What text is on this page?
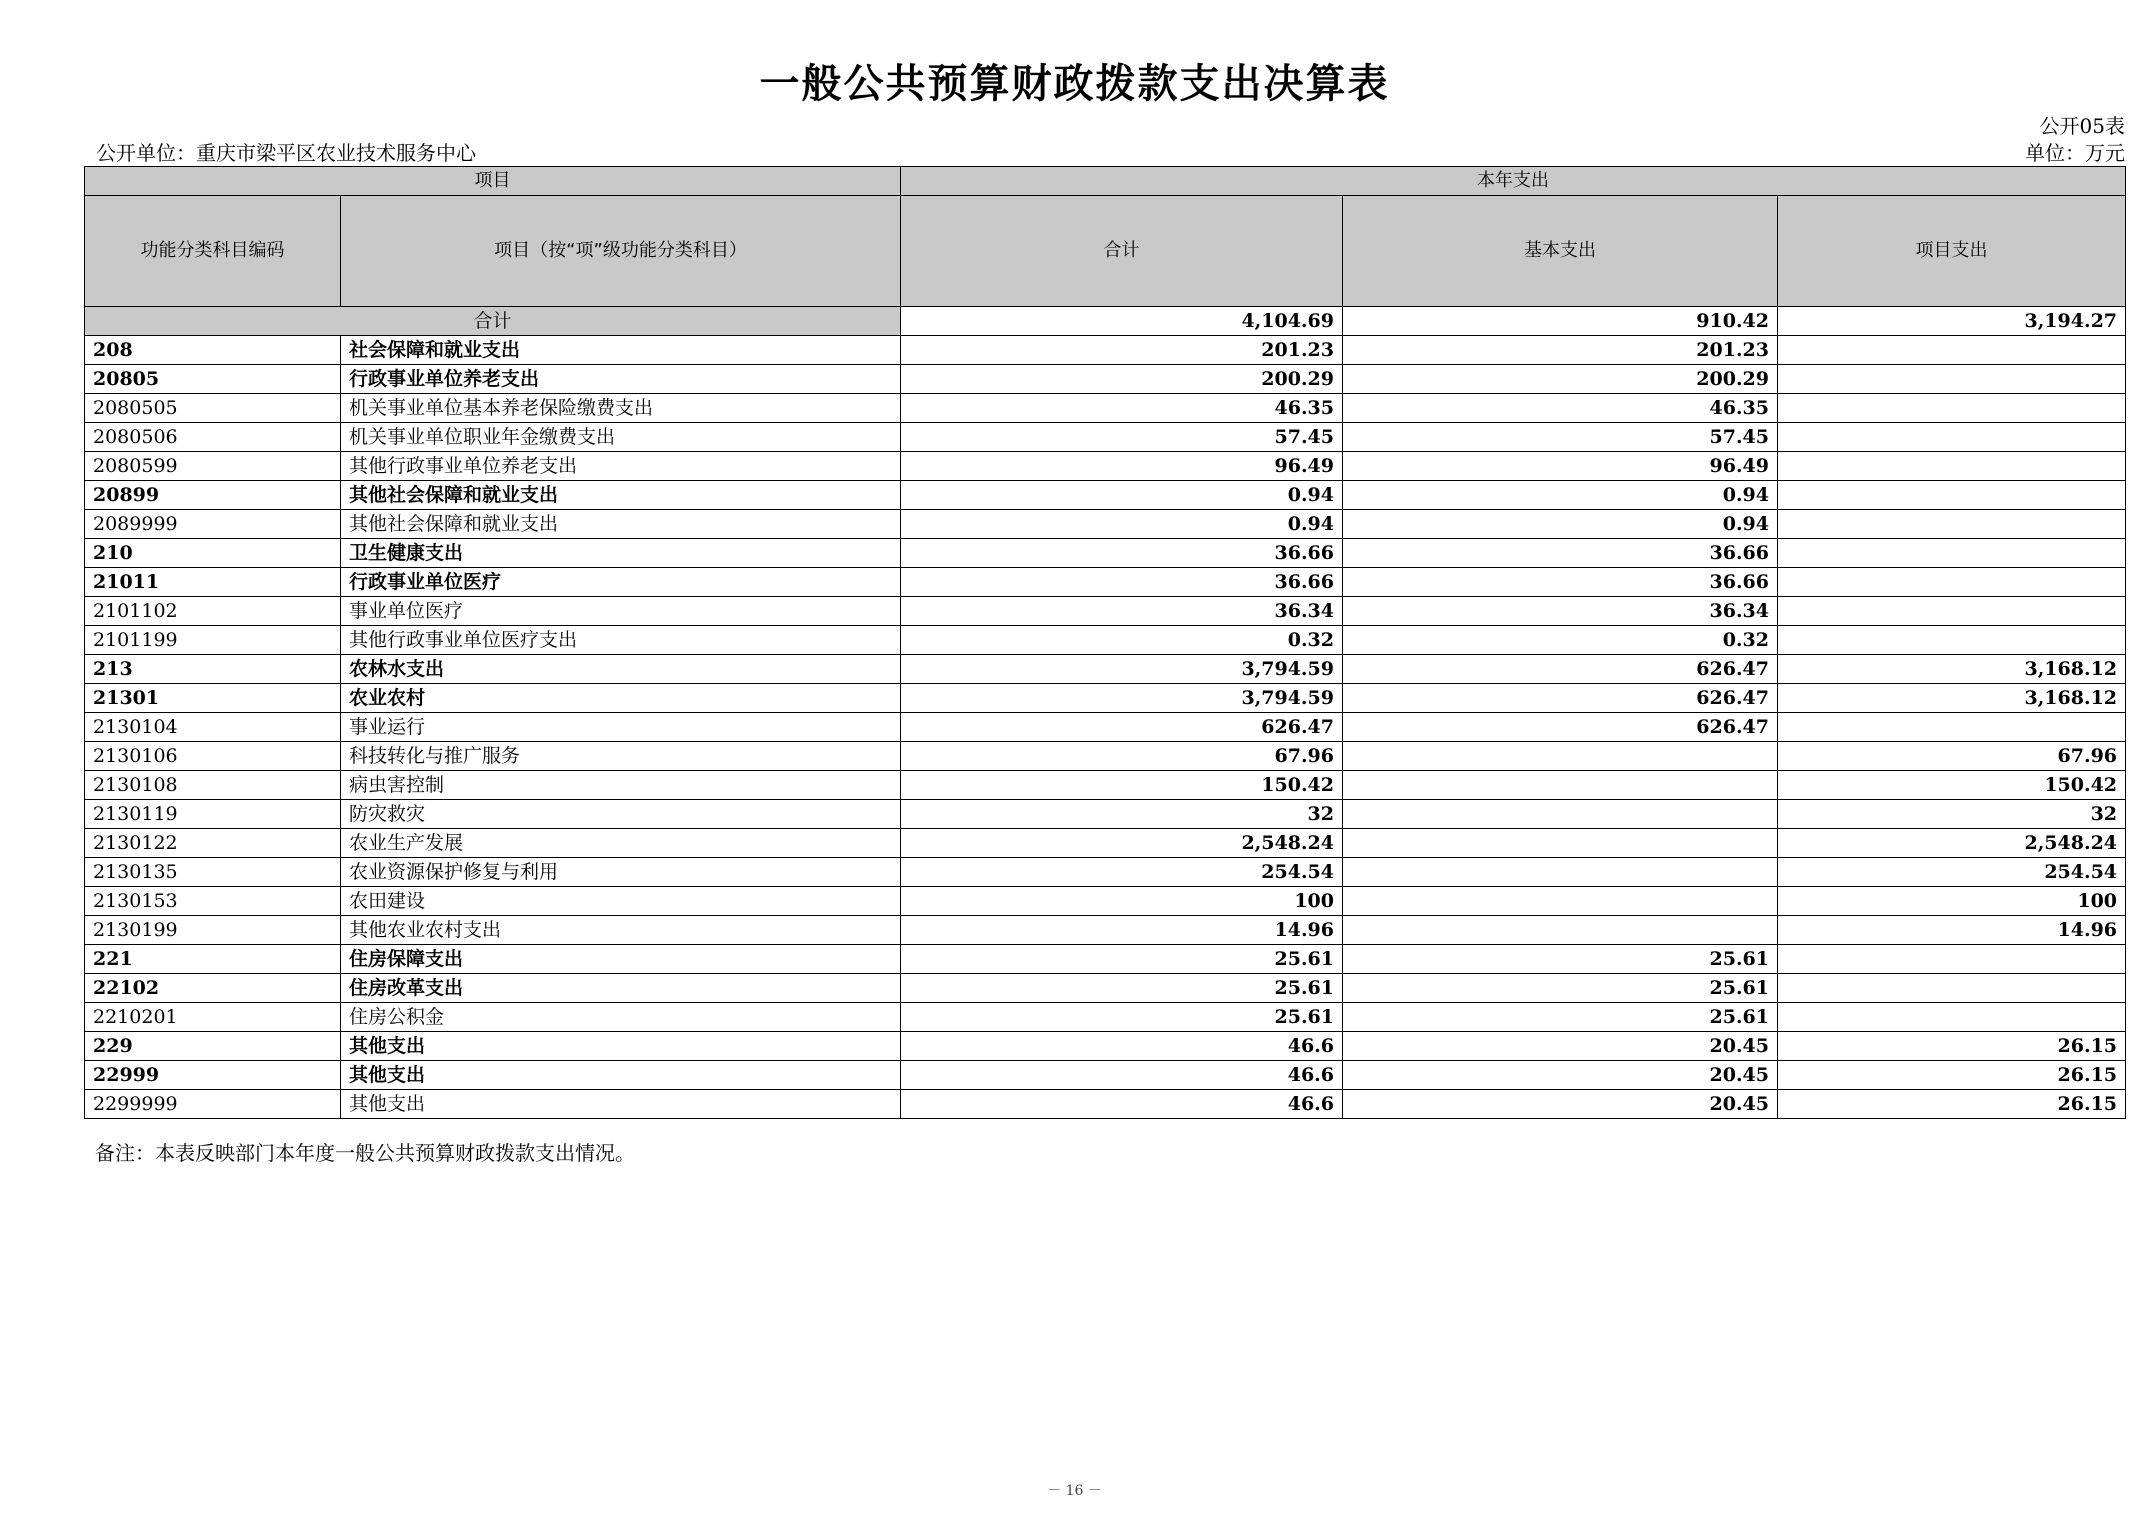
一般公共预算财政拨款支出决算表
公开05表
公开单位：重庆市梁平区农业技术服务中心	单位：万元
项目		本年支出		
功能分类科目编码	项目（按“项”级功能分类科目）	合计	基本支出	项目支出
合计		4,104.69	910.42	3,194.27
208	社会保障和就业支出	201.23	201.23	
20805	行政事业单位养老支出	200.29	200.29	
2080505	机关事业单位基本养老保险缴费支出	46.35	46.35	
2080506	机关事业单位职业年金缴费支出	57.45	57.45	
2080599	其他行政事业单位养老支出	96.49	96.49	
20899	其他社会保障和就业支出	0.94	0.94	
2089999	其他社会保障和就业支出	0.94	0.94	
210	卫生健康支出	36.66	36.66	
21011	行政事业单位医疗	36.66	36.66	
2101102	事业单位医疗	36.34	36.34	
2101199	其他行政事业单位医疗支出	0.32	0.32	
213	农林水支出	3,794.59	626.47	3,168.12
21301	农业农村	3,794.59	626.47	3,168.12
2130104	事业运行	626.47	626.47	
2130106	科技转化与推广服务	67.96		67.96
2130108	病虫害控制	150.42		150.42
2130119	防灾救灾	32		32
2130122	农业生产发展	2,548.24		2,548.24
2130135	农业资源保护修复与利用	254.54		254.54
2130153	农田建设	100		100
2130199	其他农业农村支出	14.96		14.96
221	住房保障支出	25.61	25.61	
22102	住房改革支出	25.61	25.61	
2210201	住房公积金	25.61	25.61	
229	其他支出	46.6	20.45	26.15
22999	其他支出	46.6	20.45	26.15
2299999	其他支出	46.6	20.45	26.15
备注：本表反映部门本年度一般公共预算财政拨款支出情况。
－ 16 －
